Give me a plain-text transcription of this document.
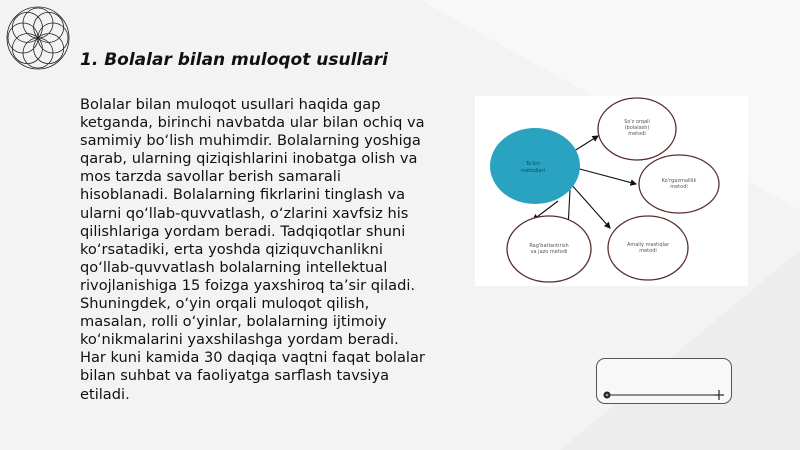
1. Bolalar bilan muloqot usullari

Bolalar bilan muloqot usullari haqida gap ketganda, birinchi navbatda ular bilan ochiq va samimiy bo‘lish muhimdir. Bolalarning yoshiga qarab, ularning qiziqishlarini inobatga olish va mos tarzda savollar berish samarali hisoblanadi. Bolalarning fikrlarini tinglash va ularni qo‘llab-quvvatlash, o‘zlarini xavfsiz his qilishlariga yordam beradi. Tadqiqotlar shuni ko‘rsatadiki, erta yoshda qiziquvchanlikni qo‘llab-quvvatlash bolalarning intellektual rivojlanishiga 15 foizga yaxshiroq ta’sir qiladi. Shuningdek, o‘yin orqali muloqot qilish, masalan, rolli o‘yinlar, bolalarning ijtimoiy ko‘nikmalarini yaxshilashga yordam beradi. Har kuni kamida 30 daqiqa vaqtni faqat bolalar bilan suhbat va faoliyatga sarflash tavsiya etiladi.

Ta'lim
metodlari
So'z orqali
(bolalash)
metodi
Ko'rgazmalilik
metodi
Amaliy mashqlar
metodi
Rag'batlantirish
va jazo metodi
